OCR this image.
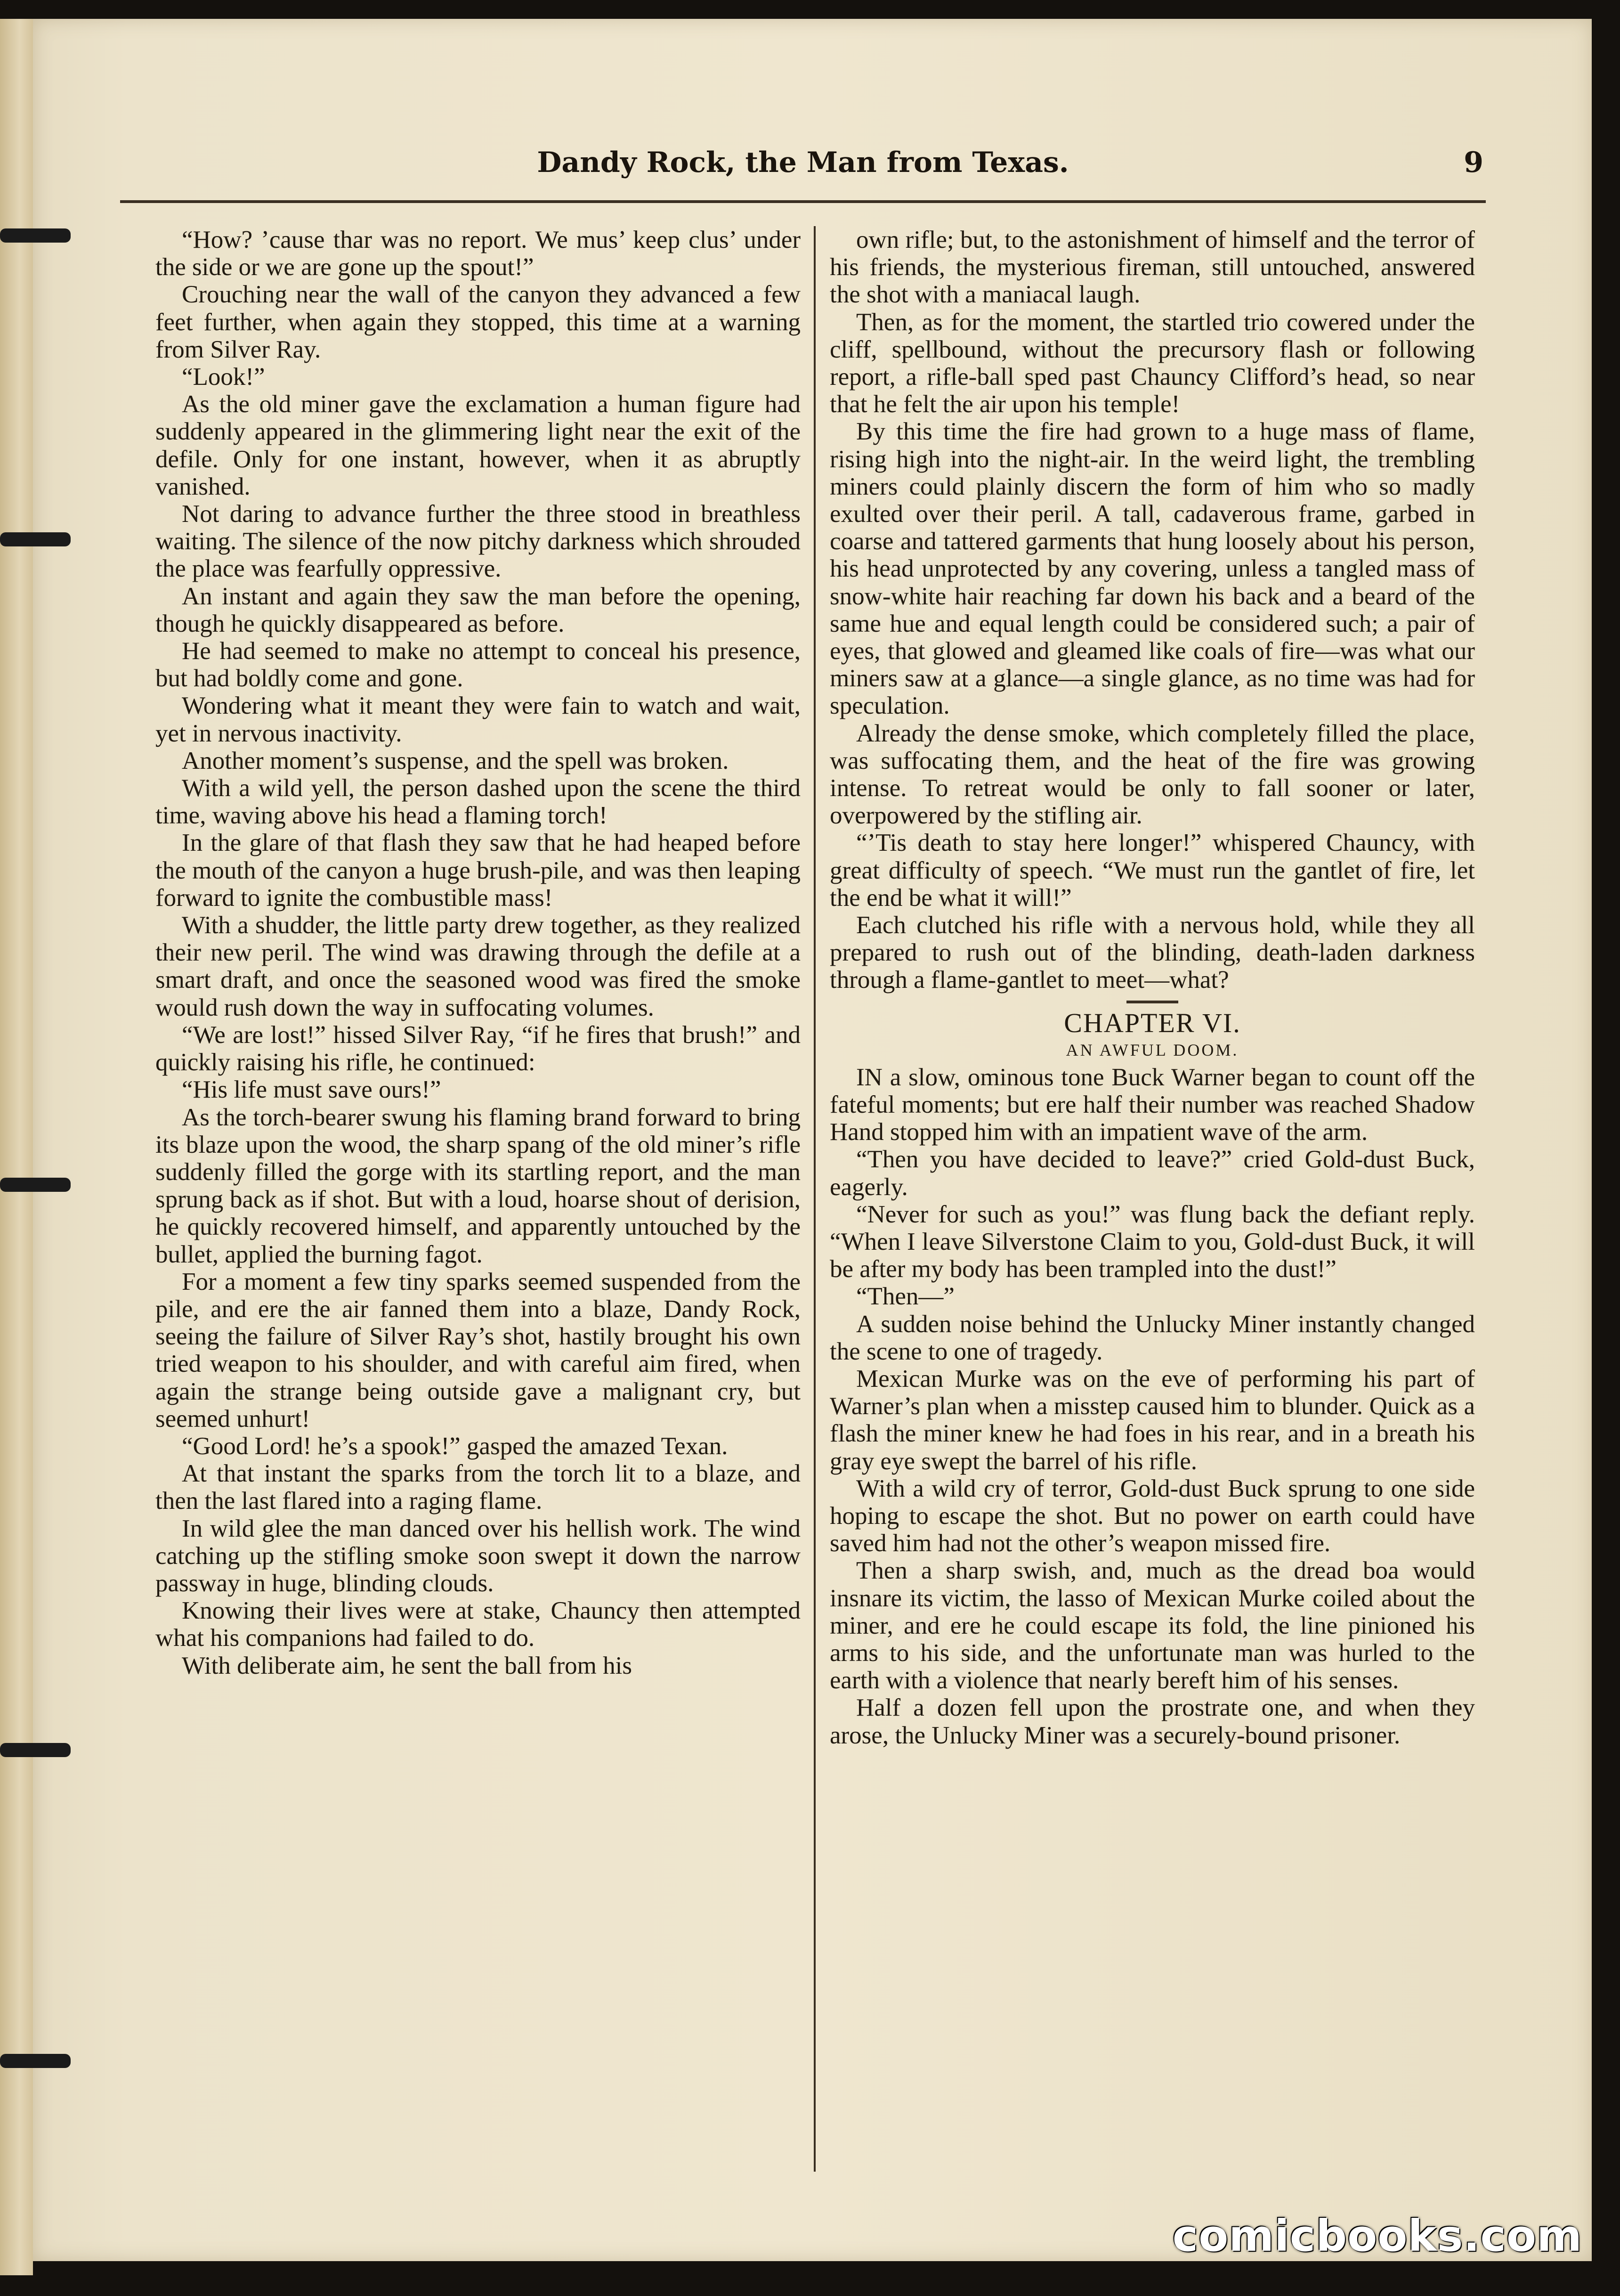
Dandy Rock, the Man from Texas.	9

“How? ’cause thar was no report. We mus’ keep clus’ under the side or we are gone up the spout!”

Crouching near the wall of the canyon they advanced a few feet further, when again they stopped, this time at a warning from Silver Ray.

“Look!”

As the old miner gave the exclamation a human figure had suddenly appeared in the glimmering light near the exit of the defile. Only for one instant, however, when it as abruptly vanished.

Not daring to advance further the three stood in breathless waiting. The silence of the now pitchy darkness which shrouded the place was fearfully oppressive.

An instant and again they saw the man before the opening, though he quickly disappeared as before.

He had seemed to make no attempt to conceal his presence, but had boldly come and gone.

Wondering what it meant they were fain to watch and wait, yet in nervous inactivity.

Another moment’s suspense, and the spell was broken.

With a wild yell, the person dashed upon the scene the third time, waving above his head a flaming torch!

In the glare of that flash they saw that he had heaped before the mouth of the canyon a huge brush-pile, and was then leaping forward to ignite the combustible mass!

With a shudder, the little party drew together, as they realized their new peril. The wind was drawing through the defile at a smart draft, and once the seasoned wood was fired the smoke would rush down the way in suffocating volumes.

“We are lost!” hissed Silver Ray, “if he fires that brush!” and quickly raising his rifle, he continued:

“His life must save ours!”

As the torch-bearer swung his flaming brand forward to bring its blaze upon the wood, the sharp spang of the old miner’s rifle suddenly filled the gorge with its startling report, and the man sprung back as if shot. But with a loud, hoarse shout of derision, he quickly recovered himself, and apparently untouched by the bullet, applied the burning fagot.

For a moment a few tiny sparks seemed suspended from the pile, and ere the air fanned them into a blaze, Dandy Rock, seeing the failure of Silver Ray’s shot, hastily brought his own tried weapon to his shoulder, and with careful aim fired, when again the strange being outside gave a malignant cry, but seemed unhurt!

“Good Lord! he’s a spook!” gasped the amazed Texan.

At that instant the sparks from the torch lit to a blaze, and then the last flared into a raging flame.

In wild glee the man danced over his hellish work. The wind catching up the stifling smoke soon swept it down the narrow passway in huge, blinding clouds.

Knowing their lives were at stake, Chauncy then attempted what his companions had failed to do.

With deliberate aim, he sent the ball from his

own rifle; but, to the astonishment of himself and the terror of his friends, the mysterious fireman, still untouched, answered the shot with a maniacal laugh.

Then, as for the moment, the startled trio cowered under the cliff, spellbound, without the precursory flash or following report, a rifle-ball sped past Chauncy Clifford’s head, so near that he felt the air upon his temple!

By this time the fire had grown to a huge mass of flame, rising high into the night-air. In the weird light, the trembling miners could plainly discern the form of him who so madly exulted over their peril. A tall, cadaverous frame, garbed in coarse and tattered garments that hung loosely about his person, his head unprotected by any covering, unless a tangled mass of snow-white hair reaching far down his back and a beard of the same hue and equal length could be considered such; a pair of eyes, that glowed and gleamed like coals of fire—was what our miners saw at a glance—a single glance, as no time was had for speculation.

Already the dense smoke, which completely filled the place, was suffocating them, and the heat of the fire was growing intense. To retreat would be only to fall sooner or later, overpowered by the stifling air.

“’Tis death to stay here longer!” whispered Chauncy, with great difficulty of speech. “We must run the gantlet of fire, let the end be what it will!”

Each clutched his rifle with a nervous hold, while they all prepared to rush out of the blinding, death-laden darkness through a flame-gantlet to meet—what?

CHAPTER VI.

AN AWFUL DOOM.

IN a slow, ominous tone Buck Warner began to count off the fateful moments; but ere half their number was reached Shadow Hand stopped him with an impatient wave of the arm.

“Then you have decided to leave?” cried Gold-dust Buck, eagerly.

“Never for such as you!” was flung back the defiant reply. “When I leave Silverstone Claim to you, Gold-dust Buck, it will be after my body has been trampled into the dust!”

“Then—”

A sudden noise behind the Unlucky Miner instantly changed the scene to one of tragedy.

Mexican Murke was on the eve of performing his part of Warner’s plan when a misstep caused him to blunder. Quick as a flash the miner knew he had foes in his rear, and in a breath his gray eye swept the barrel of his rifle.

With a wild cry of terror, Gold-dust Buck sprung to one side hoping to escape the shot. But no power on earth could have saved him had not the other’s weapon missed fire.

Then a sharp swish, and, much as the dread boa would insnare its victim, the lasso of Mexican Murke coiled about the miner, and ere he could escape its fold, the line pinioned his arms to his side, and the unfortunate man was hurled to the earth with a violence that nearly bereft him of his senses.

Half a dozen fell upon the prostrate one, and when they arose, the Unlucky Miner was a securely-bound prisoner.

comicbooks.com
